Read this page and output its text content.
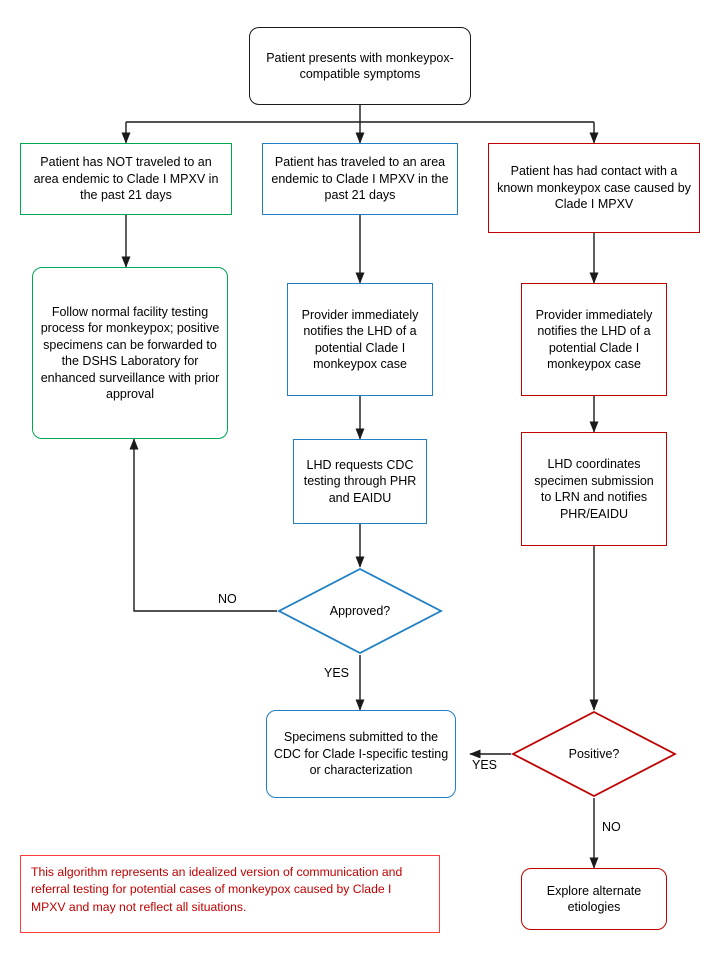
Patient presents with monkeypox-compatible symptoms
Patient has NOT traveled to an area endemic to Clade I MPXV in the past 21 days
Patient has traveled to an area endemic to Clade I MPXV in the past 21 days
Patient has had contact with a known monkeypox case caused by Clade I MPXV
Follow normal facility testing process for monkeypox; positive specimens can be forwarded to the DSHS Laboratory for enhanced surveillance with prior approval
Provider immediately notifies the LHD of a potential Clade I monkeypox case
LHD requests CDC testing through PHR and EAIDU
Provider immediately notifies the LHD of a potential Clade I monkeypox case
LHD coordinates specimen submission to LRN and notifies PHR/EAIDU
Approved?
Positive?
Specimens submitted to the CDC for Clade I-specific testing or characterization
Explore alternate etiologies
NO
YES
YES
NO
This algorithm represents an idealized version of communication and referral testing for potential cases of monkeypox caused by Clade I MPXV and may not reflect all situations.
